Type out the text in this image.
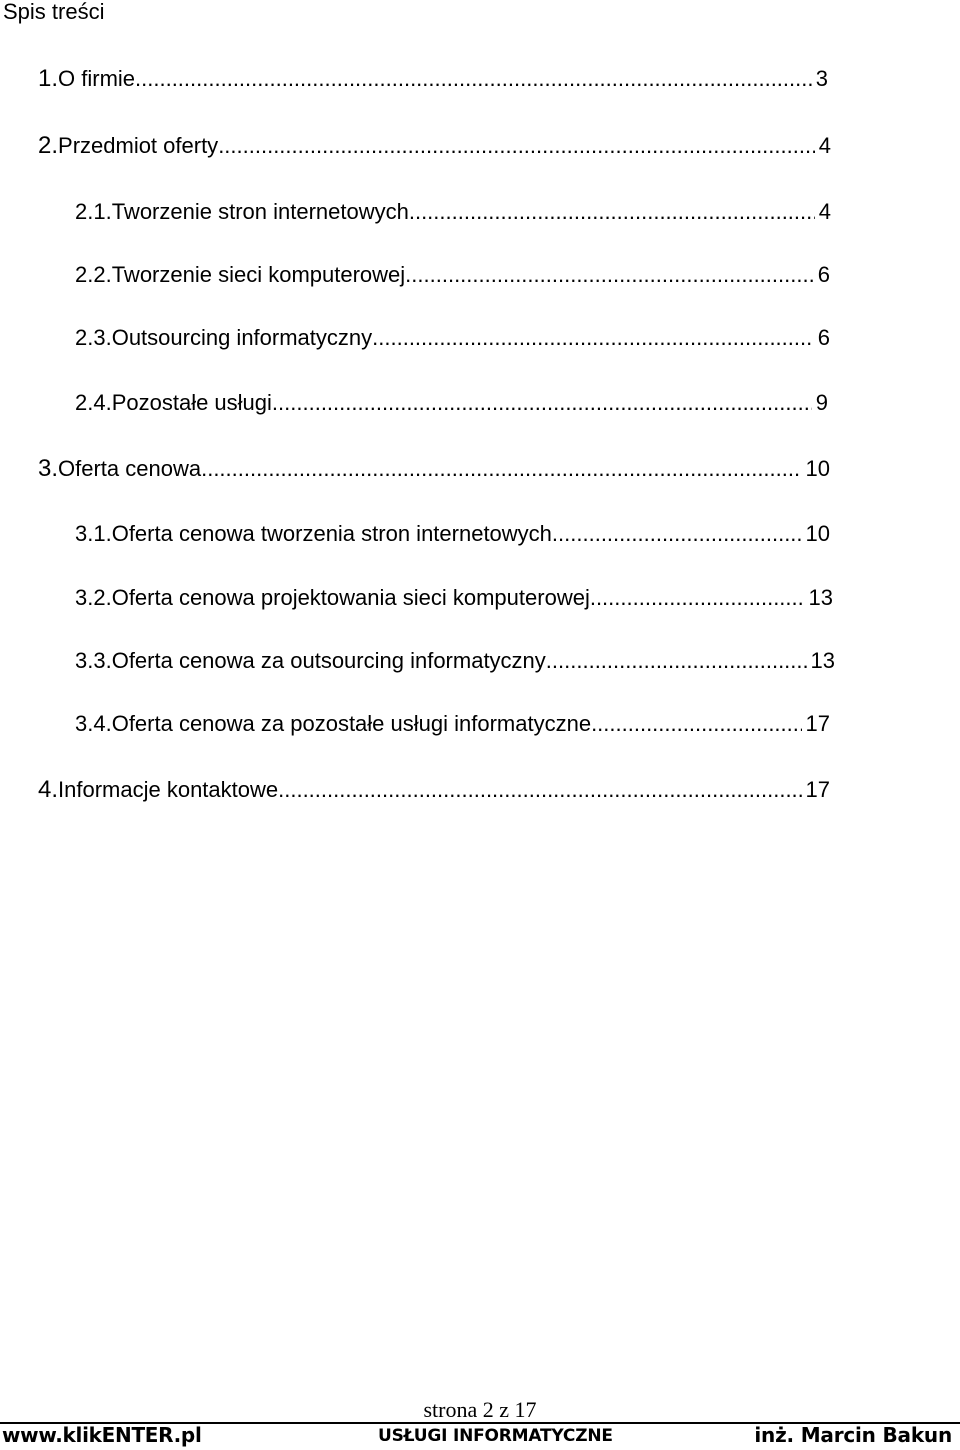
Spis treści
1. O firmie .....	3
2. Przedmiot oferty .....	4
2.1. Tworzenie stron internetowych .....	4
2.2. Tworzenie sieci komputerowej .....	6
2.3. Outsourcing informatyczny .....	6
2.4. Pozostałe usługi .....	9
3. Oferta cenowa .....	10
3.1. Oferta cenowa tworzenia stron internetowych .....	10
3.2. Oferta cenowa projektowania sieci komputerowej .....	13
3.3. Oferta cenowa za outsourcing informatyczny .....	13
3.4. Oferta cenowa za pozostałe usługi informatyczne .....	17
4. Informacje kontaktowe .....	17
strona 2 z 17
www.klikENTER.pl	USŁUGI INFORMATYCZNE	inż. Marcin Bakun
